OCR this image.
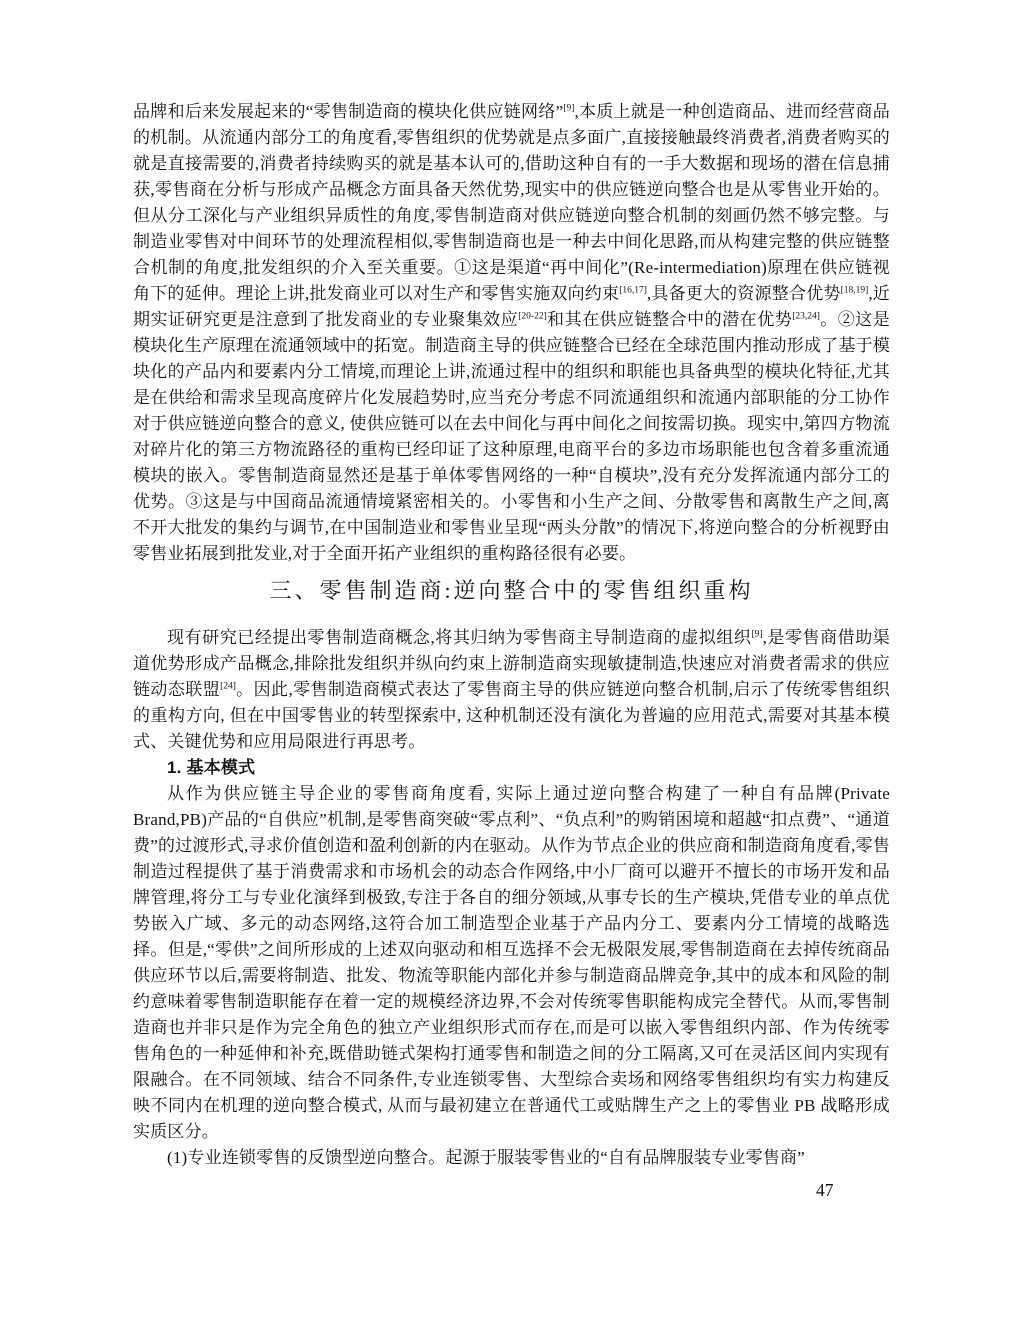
品牌和后来发展起来的“零售制造商的模块化供应链网络”[9],本质上就是一种创造商品、进而经营商品的机制。从流通内部分工的角度看,零售组织的优势就是点多面广,直接接触最终消费者,消费者购买的就是直接需要的,消费者持续购买的就是基本认可的,借助这种自有的一手大数据和现场的潜在信息捕获,零售商在分析与形成产品概念方面具备天然优势,现实中的供应链逆向整合也是从零售业开始的。但从分工深化与产业组织异质性的角度,零售制造商对供应链逆向整合机制的刻画仍然不够完整。与制造业零售对中间环节的处理流程相似,零售制造商也是一种去中间化思路,而从构建完整的供应链整合机制的角度,批发组织的介入至关重要。①这是渠道“再中间化”(Re-intermediation)原理在供应链视角下的延伸。理论上讲,批发商业可以对生产和零售实施双向约束[16,17],具备更大的资源整合优势[18,19],近期实证研究更是注意到了批发商业的专业聚集效应[20-22]和其在供应链整合中的潜在优势[23,24]。②这是模块化生产原理在流通领域中的拓宽。制造商主导的供应链整合已经在全球范围内推动形成了基于模块化的产品内和要素内分工情境,而理论上讲,流通过程中的组织和职能也具备典型的模块化特征,尤其是在供给和需求呈现高度碎片化发展趋势时,应当充分考虑不同流通组织和流通内部职能的分工协作对于供应链逆向整合的意义, 使供应链可以在去中间化与再中间化之间按需切换。现实中,第四方物流对碎片化的第三方物流路径的重构已经印证了这种原理,电商平台的多边市场职能也包含着多重流通模块的嵌入。零售制造商显然还是基于单体零售网络的一种“自模块”,没有充分发挥流通内部分工的优势。③这是与中国商品流通情境紧密相关的。小零售和小生产之间、分散零售和离散生产之间,离不开大批发的集约与调节,在中国制造业和零售业呈现“两头分散”的情况下,将逆向整合的分析视野由零售业拓展到批发业,对于全面开拓产业组织的重构路径很有必要。

三、零售制造商:逆向整合中的零售组织重构

现有研究已经提出零售制造商概念,将其归纳为零售商主导制造商的虚拟组织[9],是零售商借助渠道优势形成产品概念,排除批发组织并纵向约束上游制造商实现敏捷制造,快速应对消费者需求的供应链动态联盟[24]。因此,零售制造商模式表达了零售商主导的供应链逆向整合机制,启示了传统零售组织的重构方向, 但在中国零售业的转型探索中, 这种机制还没有演化为普遍的应用范式,需要对其基本模式、关键优势和应用局限进行再思考。

1. 基本模式

从作为供应链主导企业的零售商角度看, 实际上通过逆向整合构建了一种自有品牌(Private Brand,PB)产品的“自供应”机制,是零售商突破“零点利”、“负点利”的购销困境和超越“扣点费”、“通道费”的过渡形式,寻求价值创造和盈利创新的内在驱动。从作为节点企业的供应商和制造商角度看,零售制造过程提供了基于消费需求和市场机会的动态合作网络,中小厂商可以避开不擅长的市场开发和品牌管理,将分工与专业化演绎到极致,专注于各自的细分领域,从事专长的生产模块,凭借专业的单点优势嵌入广域、多元的动态网络,这符合加工制造型企业基于产品内分工、要素内分工情境的战略选择。但是,“零供”之间所形成的上述双向驱动和相互选择不会无极限发展,零售制造商在去掉传统商品供应环节以后,需要将制造、批发、物流等职能内部化并参与制造商品牌竞争,其中的成本和风险的制约意味着零售制造职能存在着一定的规模经济边界,不会对传统零售职能构成完全替代。从而,零售制造商也并非只是作为完全角色的独立产业组织形式而存在,而是可以嵌入零售组织内部、作为传统零售角色的一种延伸和补充,既借助链式架构打通零售和制造之间的分工隔离,又可在灵活区间内实现有限融合。在不同领域、结合不同条件,专业连锁零售、大型综合卖场和网络零售组织均有实力构建反映不同内在机理的逆向整合模式, 从而与最初建立在普通代工或贴牌生产之上的零售业 PB 战略形成实质区分。

(1)专业连锁零售的反馈型逆向整合。起源于服装零售业的“自有品牌服装专业零售商”

47
